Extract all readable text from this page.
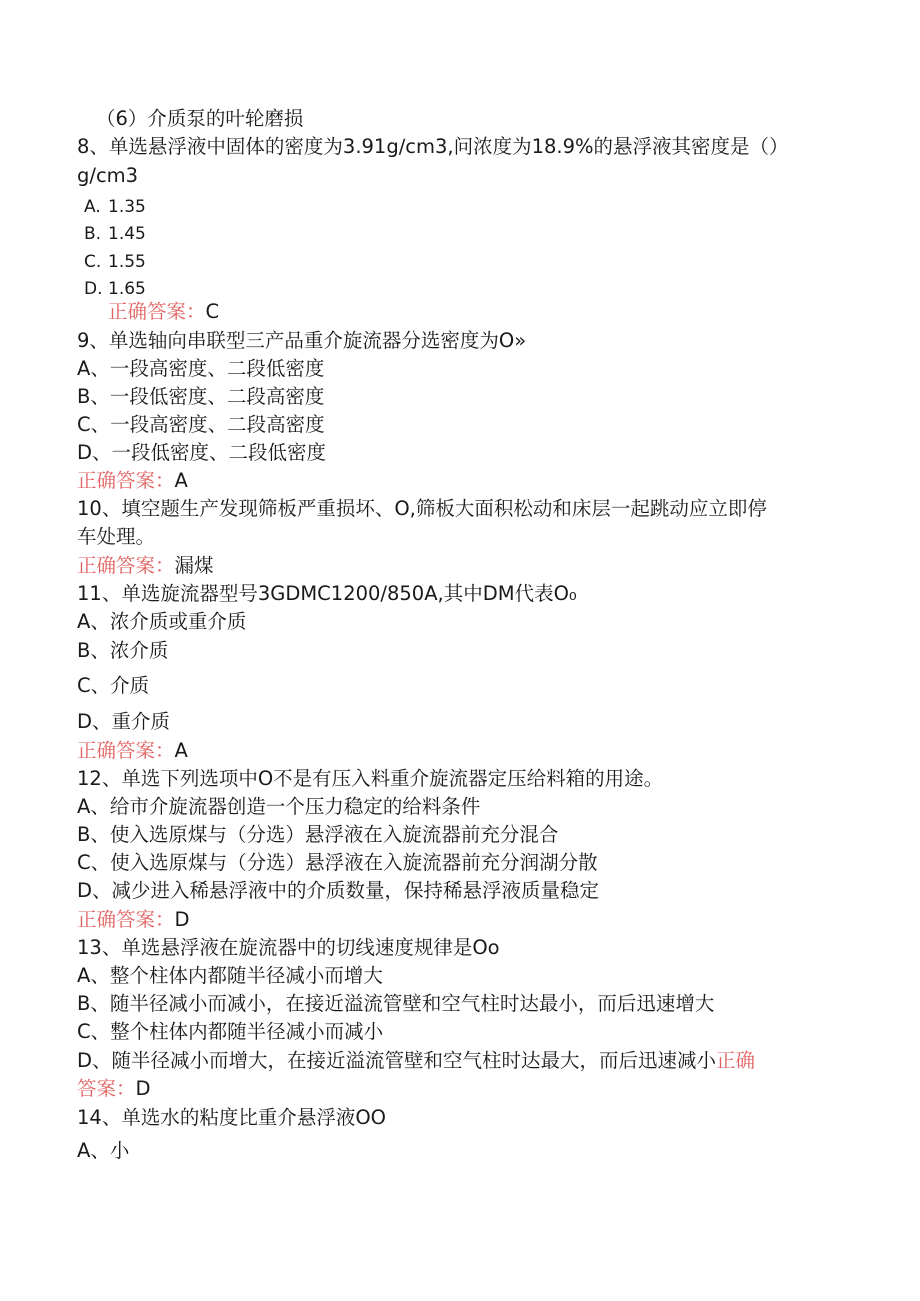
（6）介质泵的叶轮磨损
8、单选悬浮液中固体的密度为3.91g∕cm3,问浓度为18.9%的悬浮液其密度是（）
g/cm3
A. 1.35
B. 1.45
C. 1.55
D. 1.65
正确答案：C
9、单选轴向串联型三产品重介旋流器分选密度为O»
A、一段高密度、二段低密度
B、一段低密度、二段高密度
C、一段高密度、二段高密度
D、一段低密度、二段低密度
正确答案：A
10、填空题生产发现筛板严重损坏、O,筛板大面积松动和床层一起跳动应立即停
车处理。
正确答案：漏煤
11、单选旋流器型号3GDMC1200/850A,其中DM代表O₀
A、浓介质或重介质
B、浓介质
C、介质
D、重介质
正确答案：A
12、单选下列选项中O不是有压入料重介旋流器定压给料箱的用途。
A、给市介旋流器创造一个压力稳定的给料条件
B、使入选原煤与（分选）悬浮液在入旋流器前充分混合
C、使入选原煤与（分选）悬浮液在入旋流器前充分润湖分散
D、减少进入稀悬浮液中的介质数量，保持稀悬浮液质量稳定
正确答案：D
13、单选悬浮液在旋流器中的切线速度规律是Oo
A、整个柱体内都随半径减小而增大
B、随半径减小而减小，在接近溢流管壁和空气柱时达最小，而后迅速增大
C、整个柱体内都随半径减小而减小
D、随半径减小而增大，在接近溢流管壁和空气柱时达最大，而后迅速减小正确
答案：D
14、单选水的粘度比重介悬浮液OO
A、小
